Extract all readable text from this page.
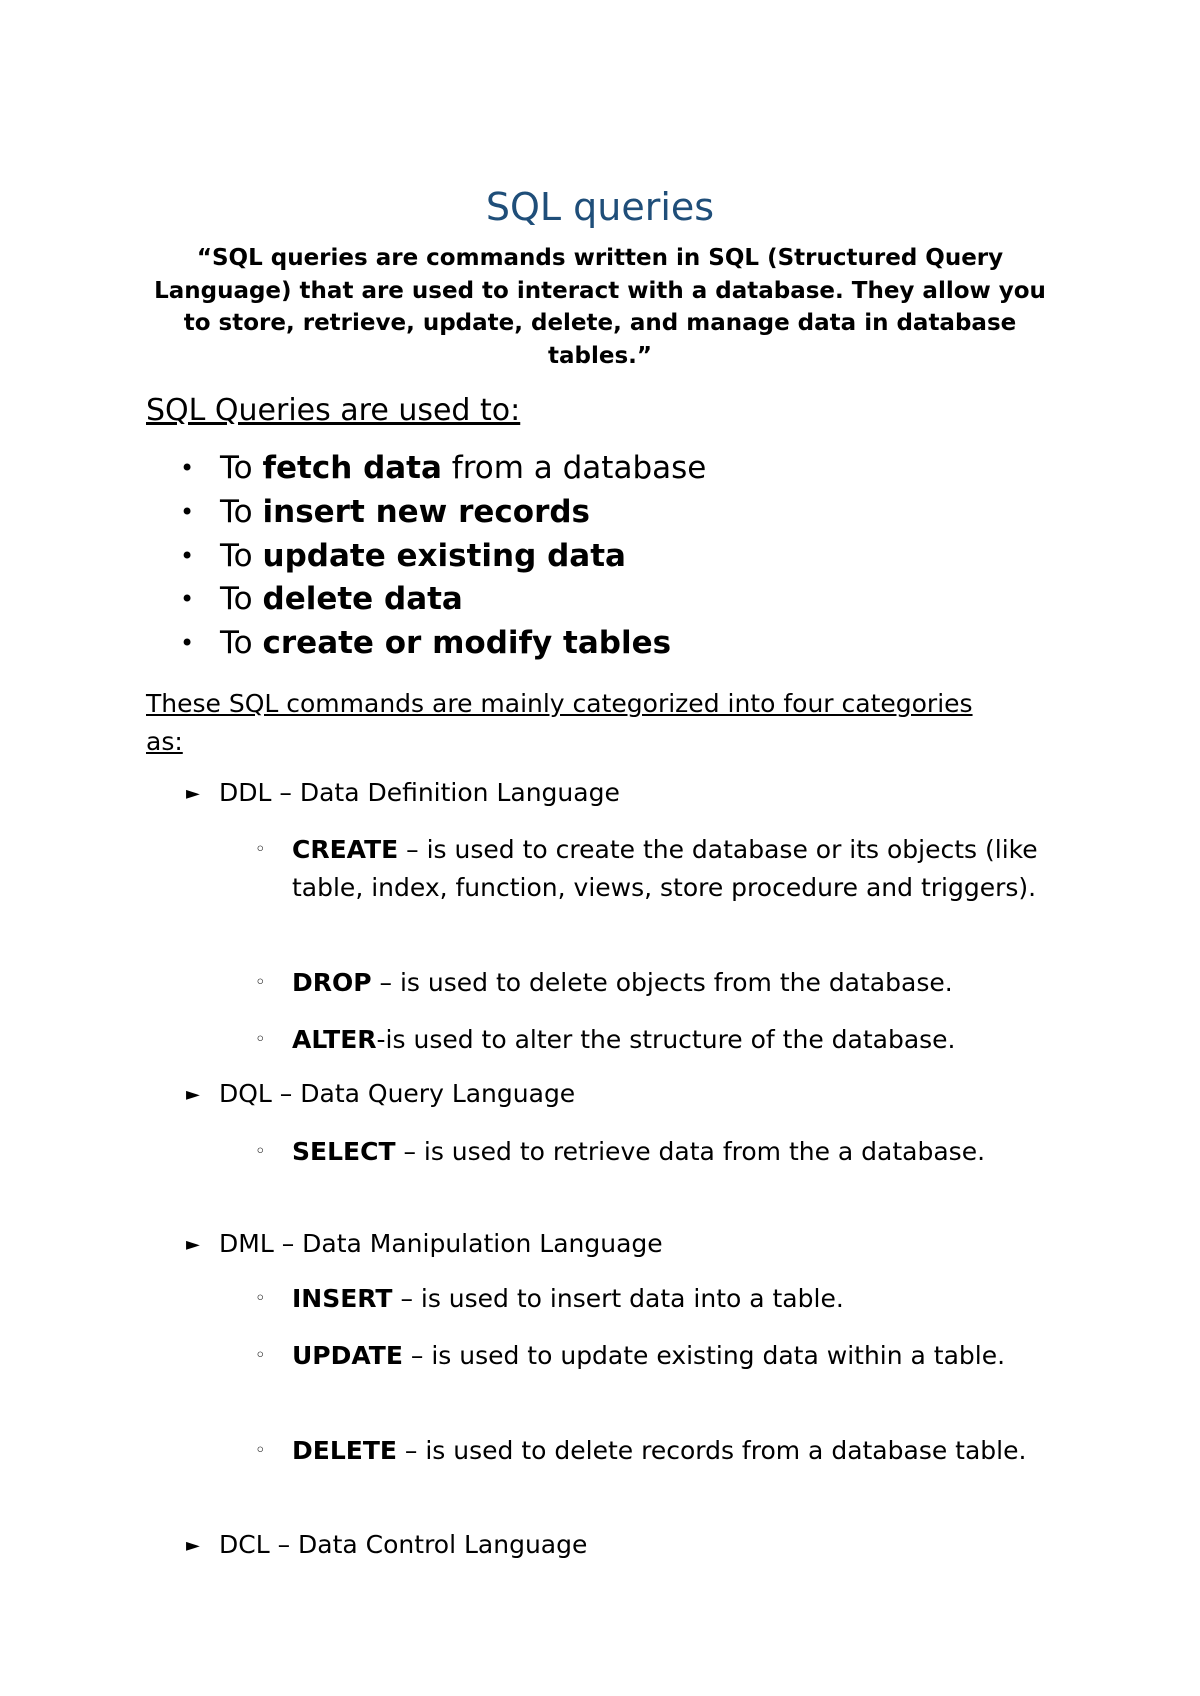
SQL queries
“SQL queries are commands written in SQL (Structured Query Language) that are used to interact with a database. They allow you to store, retrieve, update, delete, and manage data in database tables.”
SQL Queries are used to:
• To fetch data from a database
• To insert new records
• To update existing data
• To delete data
• To create or modify tables
These SQL commands are mainly categorized into four categories as:
► DDL – Data Definition Language
◦ CREATE – is used to create the database or its objects (like table, index, function, views, store procedure and triggers).
◦ DROP – is used to delete objects from the database.
◦ ALTER-is used to alter the structure of the database.
► DQL – Data Query Language
◦ SELECT – is used to retrieve data from the a database.
► DML – Data Manipulation Language
◦ INSERT – is used to insert data into a table.
◦ UPDATE – is used to update existing data within a table.
◦ DELETE – is used to delete records from a database table.
► DCL – Data Control Language
